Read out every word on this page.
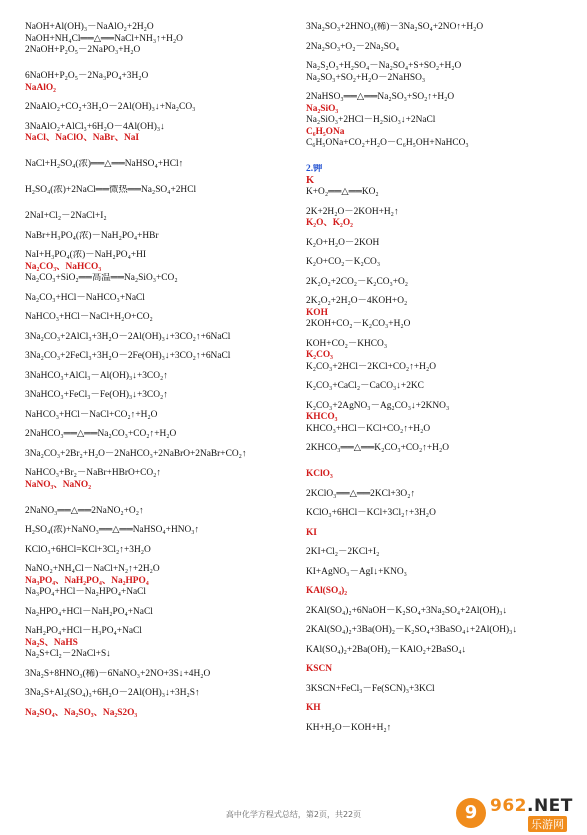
NaOH+Al(OH)₃－NaAlO₂+2H₂O
NaOH+NH₄Cl══△══NaCl+NH₃↑+H₂O
2NaOH+P₂O₅－2NaPO₃+H₂O
6NaOH+P₂O₅－2Na₃PO₄+3H₂O
NaAlO₂
2NaAlO₂+CO₂+3H₂O－2Al(OH)₃↓+Na₂CO₃
3NaAlO₂+AlCl₃+6H₂O－4Al(OH)₃↓
NaCl、NaClO、NaBr、NaI
NaCl+H₂SO₄(浓)══△══NaHSO₄+HCl↑
H₂SO₄(浓)+2NaCl══微热══Na₂SO₄+2HCl
2NaI+Cl₂－2NaCl+I₂
NaBr+H₃PO₄(浓)－NaH₂PO₄+HBr
NaI+H₃PO₄(浓)－NaH₂PO₄+HI
Na₂CO₃、NaHCO₃
Na₂CO₃+SiO₂══高温══Na₂SiO₃+CO₂
Na₂CO₃+HCl－NaHCO₃+NaCl
NaHCO₃+HCl－NaCl+H₂O+CO₂
3Na₂CO₃+2AlCl₃+3H₂O－2Al(OH)₃↓+3CO₂↑+6NaCl
3Na₂CO₃+2FeCl₃+3H₂O－2Fe(OH)₃↓+3CO₂↑+6NaCl
3NaHCO₃+AlCl₃－Al(OH)₃↓+3CO₂↑
3NaHCO₃+FeCl₃－Fe(OH)₃↓+3CO₂↑
NaHCO₃+HCl－NaCl+CO₂↑+H₂O
2NaHCO₃══△══Na₂CO₃+CO₂↑+H₂O
3Na₂CO₃+2Br₂+H₂O－2NaHCO₃+2NaBrO+2NaBr+CO₂↑
NaHCO₃+Br₂－NaBr+HBrO+CO₂↑
NaNO₃、NaNO₂
2NaNO₃══△══2NaNO₂+O₂↑
H₂SO₄(浓)+NaNO₃══△══NaHSO₄+HNO₃↑
KClO₃+6HCl=KCl+3Cl₂↑+3H₂O
NaNO₂+NH₄Cl－NaCl+N₂↑+2H₂O
Na₃PO₄、NaH₂PO₄、Na₂HPO₄
Na₃PO₄+HCl－Na₂HPO₄+NaCl
Na₂HPO₄+HCl－NaH₂PO₄+NaCl
NaH₂PO₄+HCl－H₃PO₄+NaCl
Na₂S、NaHS
Na₂S+Cl₂－2NaCl+S↓
3Na₂S+8HNO₃(稀)－6NaNO₃+2NO+3S↓+4H₂O
3Na₂S+Al₂(SO₄)₃+6H₂O－2Al(OH)₃↓+3H₂S↑
Na₂SO₄、Na₂SO₃、Na₂S2O₃
3Na₂SO₃+2HNO₃(稀)－3Na₂SO₄+2NO↑+H₂O
2Na₂SO₃+O₂－2Na₂SO₄
Na₂S₂O₃+H₂SO₄－Na₂SO₄+S+SO₂+H₂O
Na₂SO₃+SO₂+H₂O－2NaHSO₃
2NaHSO₃══△══Na₂SO₃+SO₂↑+H₂O
Na₂SiO₃
Na₂SiO₃+2HCl－H₂SiO₃↓+2NaCl
C₆H₅ONa
C₆H₅ONa+CO₂+H₂O－C₆H₅OH+NaHCO₃
2.钾
K
K+O₂══△══KO₂
2K+2H₂O－2KOH+H₂↑
K₂O、K₂O₂
K₂O+H₂O－2KOH
K₂O+CO₂－K₂CO₃
2K₂O₂+2CO₂－K₂CO₃+O₂
2K₂O₂+2H₂O－4KOH+O₂
KOH
2KOH+CO₂－K₂CO₃+H₂O
KOH+CO₂－KHCO₃
K₂CO₃
K₂CO₃+2HCl－2KCl+CO₂↑+H₂O
K₂CO₃+CaCl₂－CaCO₃↓+2KC
K₂CO₃+2AgNO₃－Ag₂CO₃↓+2KNO₃
KHCO₃
KHCO₃+HCl－KCl+CO₂↑+H₂O
2KHCO₃══△══K₂CO₃+CO₂↑+H₂O
KClO₃
2KClO₃══△══2KCl+3O₂↑
KClO₃+6HCl－KCl+3Cl₂↑+3H₂O
KI
2KI+Cl₂－2KCl+I₂
KI+AgNO₃－AgI↓+KNO₃
KAl(SO₄)₂
2KAl(SO₄)₂+6NaOH－K₂SO₄+3Na₂SO₄+2Al(OH)₃↓
2KAl(SO₄)₂+3Ba(OH)₂－K₂SO₄+3BaSO₄↓+2Al(OH)₃↓
KAl(SO₄)₂+2Ba(OH)₂－KAlO₂+2BaSO₄↓
KSCN
3KSCN+FeCl₃－Fe(SCN)₃+3KCl
KH
KH+H₂O－KOH+H₂↑
高中化学方程式总结，第2页，共22页	9 962.NET
乐游网
